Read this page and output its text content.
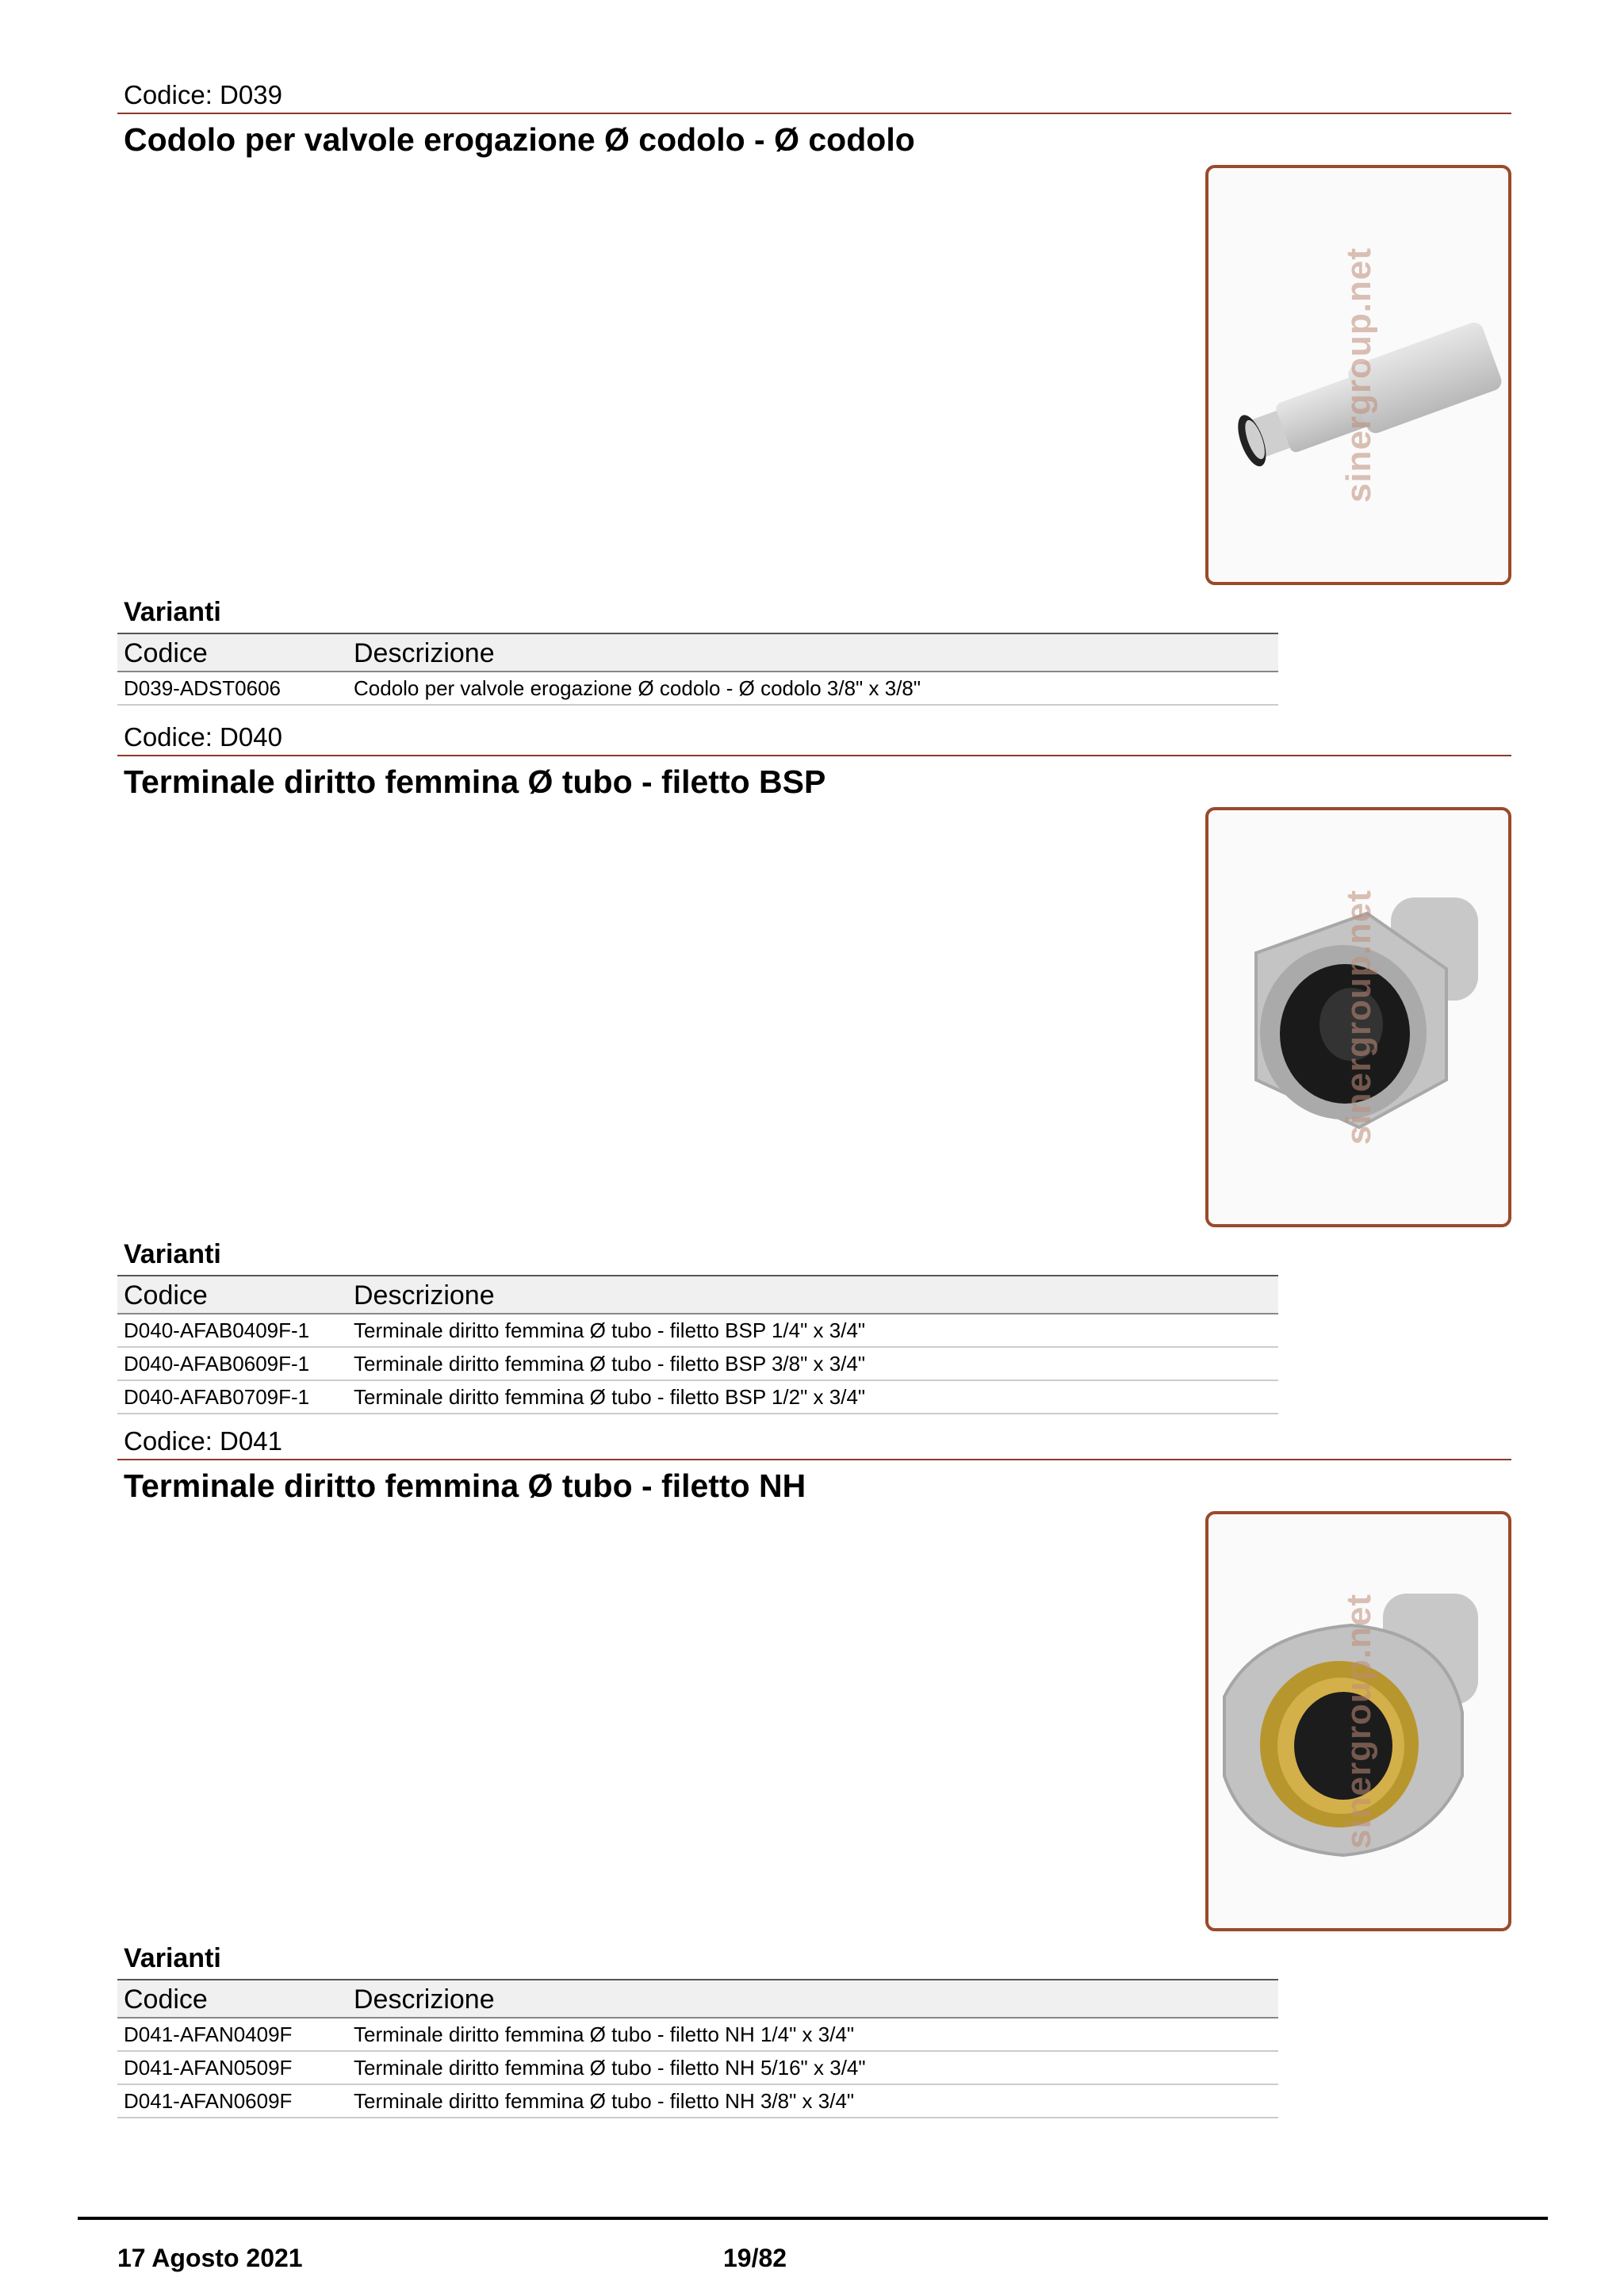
Codice: D039
Codolo per valvole erogazione Ø codolo - Ø codolo
sinergroup.net
Varianti
Codice	Descrizione
D039-ADST0606	Codolo per valvole erogazione Ø codolo - Ø codolo 3/8" x 3/8"
Codice: D040
Terminale diritto femmina Ø tubo - filetto BSP
sinergroup.net
Varianti
Codice	Descrizione
D040-AFAB0409F-1	Terminale diritto femmina Ø tubo - filetto BSP 1/4" x 3/4"
D040-AFAB0609F-1	Terminale diritto femmina Ø tubo - filetto BSP 3/8" x 3/4"
D040-AFAB0709F-1	Terminale diritto femmina Ø tubo - filetto BSP 1/2" x 3/4"
Codice: D041
Terminale diritto femmina Ø tubo - filetto NH
sinergroup.net
Varianti
Codice	Descrizione
D041-AFAN0409F	Terminale diritto femmina Ø tubo - filetto NH 1/4" x 3/4"
D041-AFAN0509F	Terminale diritto femmina Ø tubo - filetto NH 5/16" x 3/4"
D041-AFAN0609F	Terminale diritto femmina Ø tubo - filetto NH 3/8" x 3/4"
17 Agosto 2021	19/82
